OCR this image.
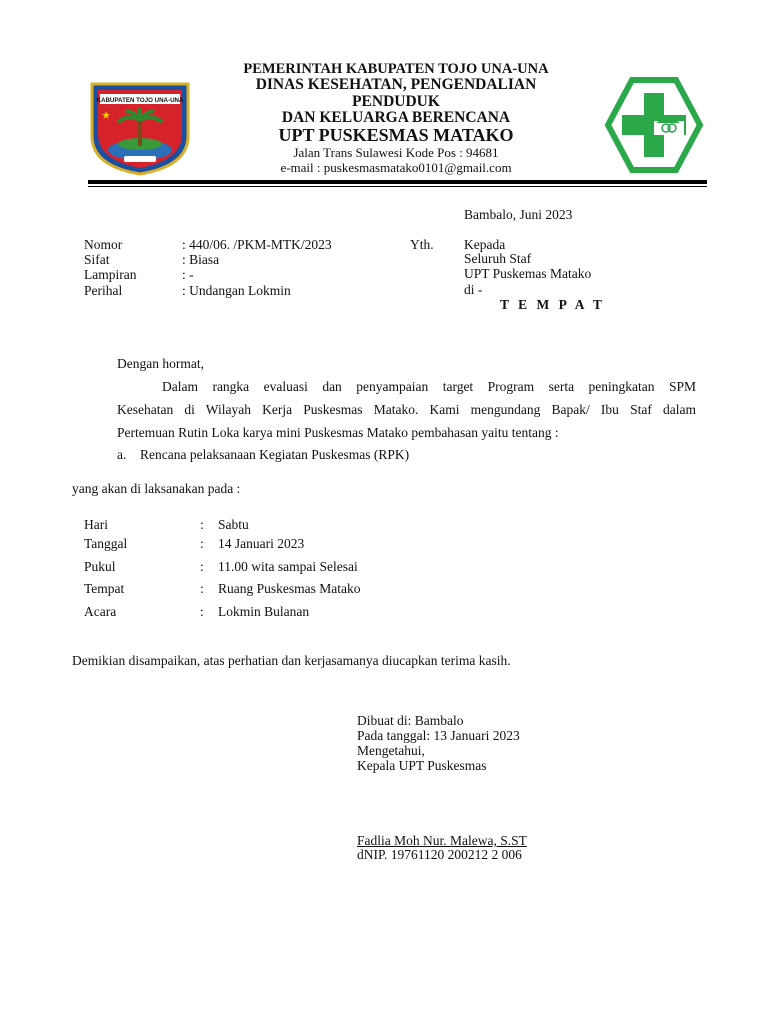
KABUPATEN TOJO UNA-UNA
PEMERINTAH KABUPATEN TOJO UNA-UNA
DINAS KESEHATAN, PENGENDALIAN
PENDUDUK
DAN KELUARGA BERENCANA
UPT PUSKESMAS MATAKO
Jalan Trans Sulawesi Kode Pos : 94681
e-mail : puskesmasmatako0101@gmail.com
Bambalo, Juni 2023
Nomor	: 440/06. /PKM-MTK/2023
Sifat	: Biasa
Lampiran	: -
Perihal	: Undangan Lokmin
Yth. Kepada
Seluruh Staf
UPT Puskemas Matako
di -
T E M P A T
Dengan hormat,
Dalam rangka evaluasi dan penyampaian target Program serta peningkatan SPM
Kesehatan di Wilayah Kerja Puskesmas Matako. Kami mengundang Bapak/ Ibu Staf dalam
Pertemuan Rutin Loka karya mini Puskesmas Matako pembahasan yaitu tentang :
a. Rencana pelaksanaan Kegiatan Puskesmas (RPK)
yang akan di laksanakan pada :
Hari	: Sabtu
Tanggal	: 14 Januari 2023
Pukul	: 11.00 wita sampai Selesai
Tempat	: Ruang Puskesmas Matako
Acara	: Lokmin Bulanan
Demikian disampaikan, atas perhatian dan kerjasamanya diucapkan terima kasih.
Dibuat di: Bambalo
Pada tanggal: 13 Januari 2023
Mengetahui,
Kepala UPT Puskesmas
Fadlia Moh Nur. Malewa, S.ST
dNIP. 19761120 200212 2 006
